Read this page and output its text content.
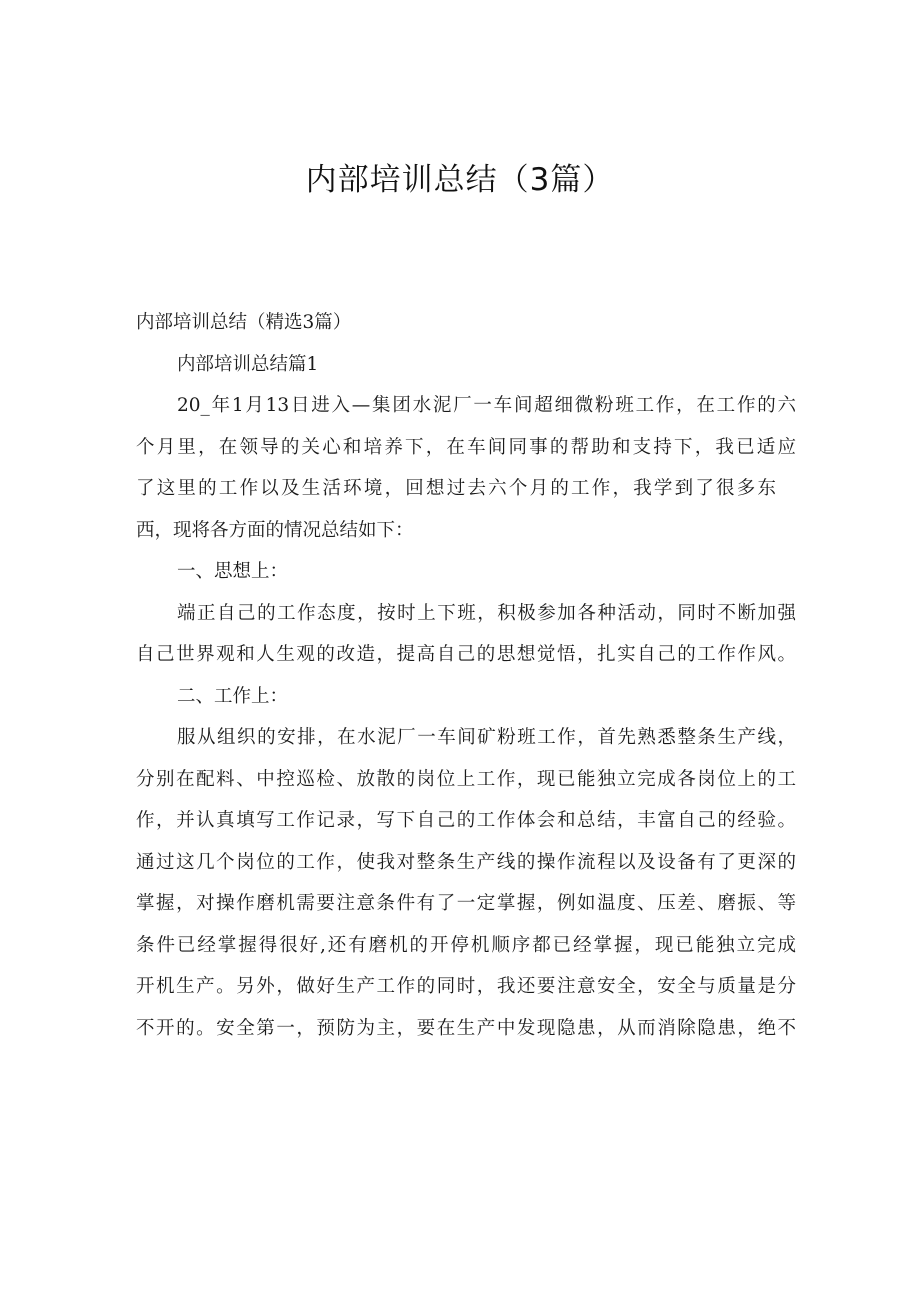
内部培训总结（3篇）
内部培训总结（精选3篇）
内部培训总结篇1
20_年1月13日进入—集团水泥厂一车间超细微粉班工作，在工作的六
个月里，在领导的关心和培养下，在车间同事的帮助和支持下，我已适应
了这里的工作以及生活环境，回想过去六个月的工作，我学到了很多东
西，现将各方面的情况总结如下：
一、思想上：
端正自己的工作态度，按时上下班，积极参加各种活动，同时不断加强
自己世界观和人生观的改造，提高自己的思想觉悟，扎实自己的工作作风。
二、工作上：
服从组织的安排，在水泥厂一车间矿粉班工作，首先熟悉整条生产线，
分别在配料、中控巡检、放散的岗位上工作，现已能独立完成各岗位上的工
作，并认真填写工作记录，写下自己的工作体会和总结，丰富自己的经验。
通过这几个岗位的工作，使我对整条生产线的操作流程以及设备有了更深的
掌握，对操作磨机需要注意条件有了一定掌握，例如温度、压差、磨振、等
条件已经掌握得很好,还有磨机的开停机顺序都已经掌握，现已能独立完成
开机生产。另外，做好生产工作的同时，我还要注意安全，安全与质量是分
不开的。安全第一，预防为主，要在生产中发现隐患，从而消除隐患，绝不
